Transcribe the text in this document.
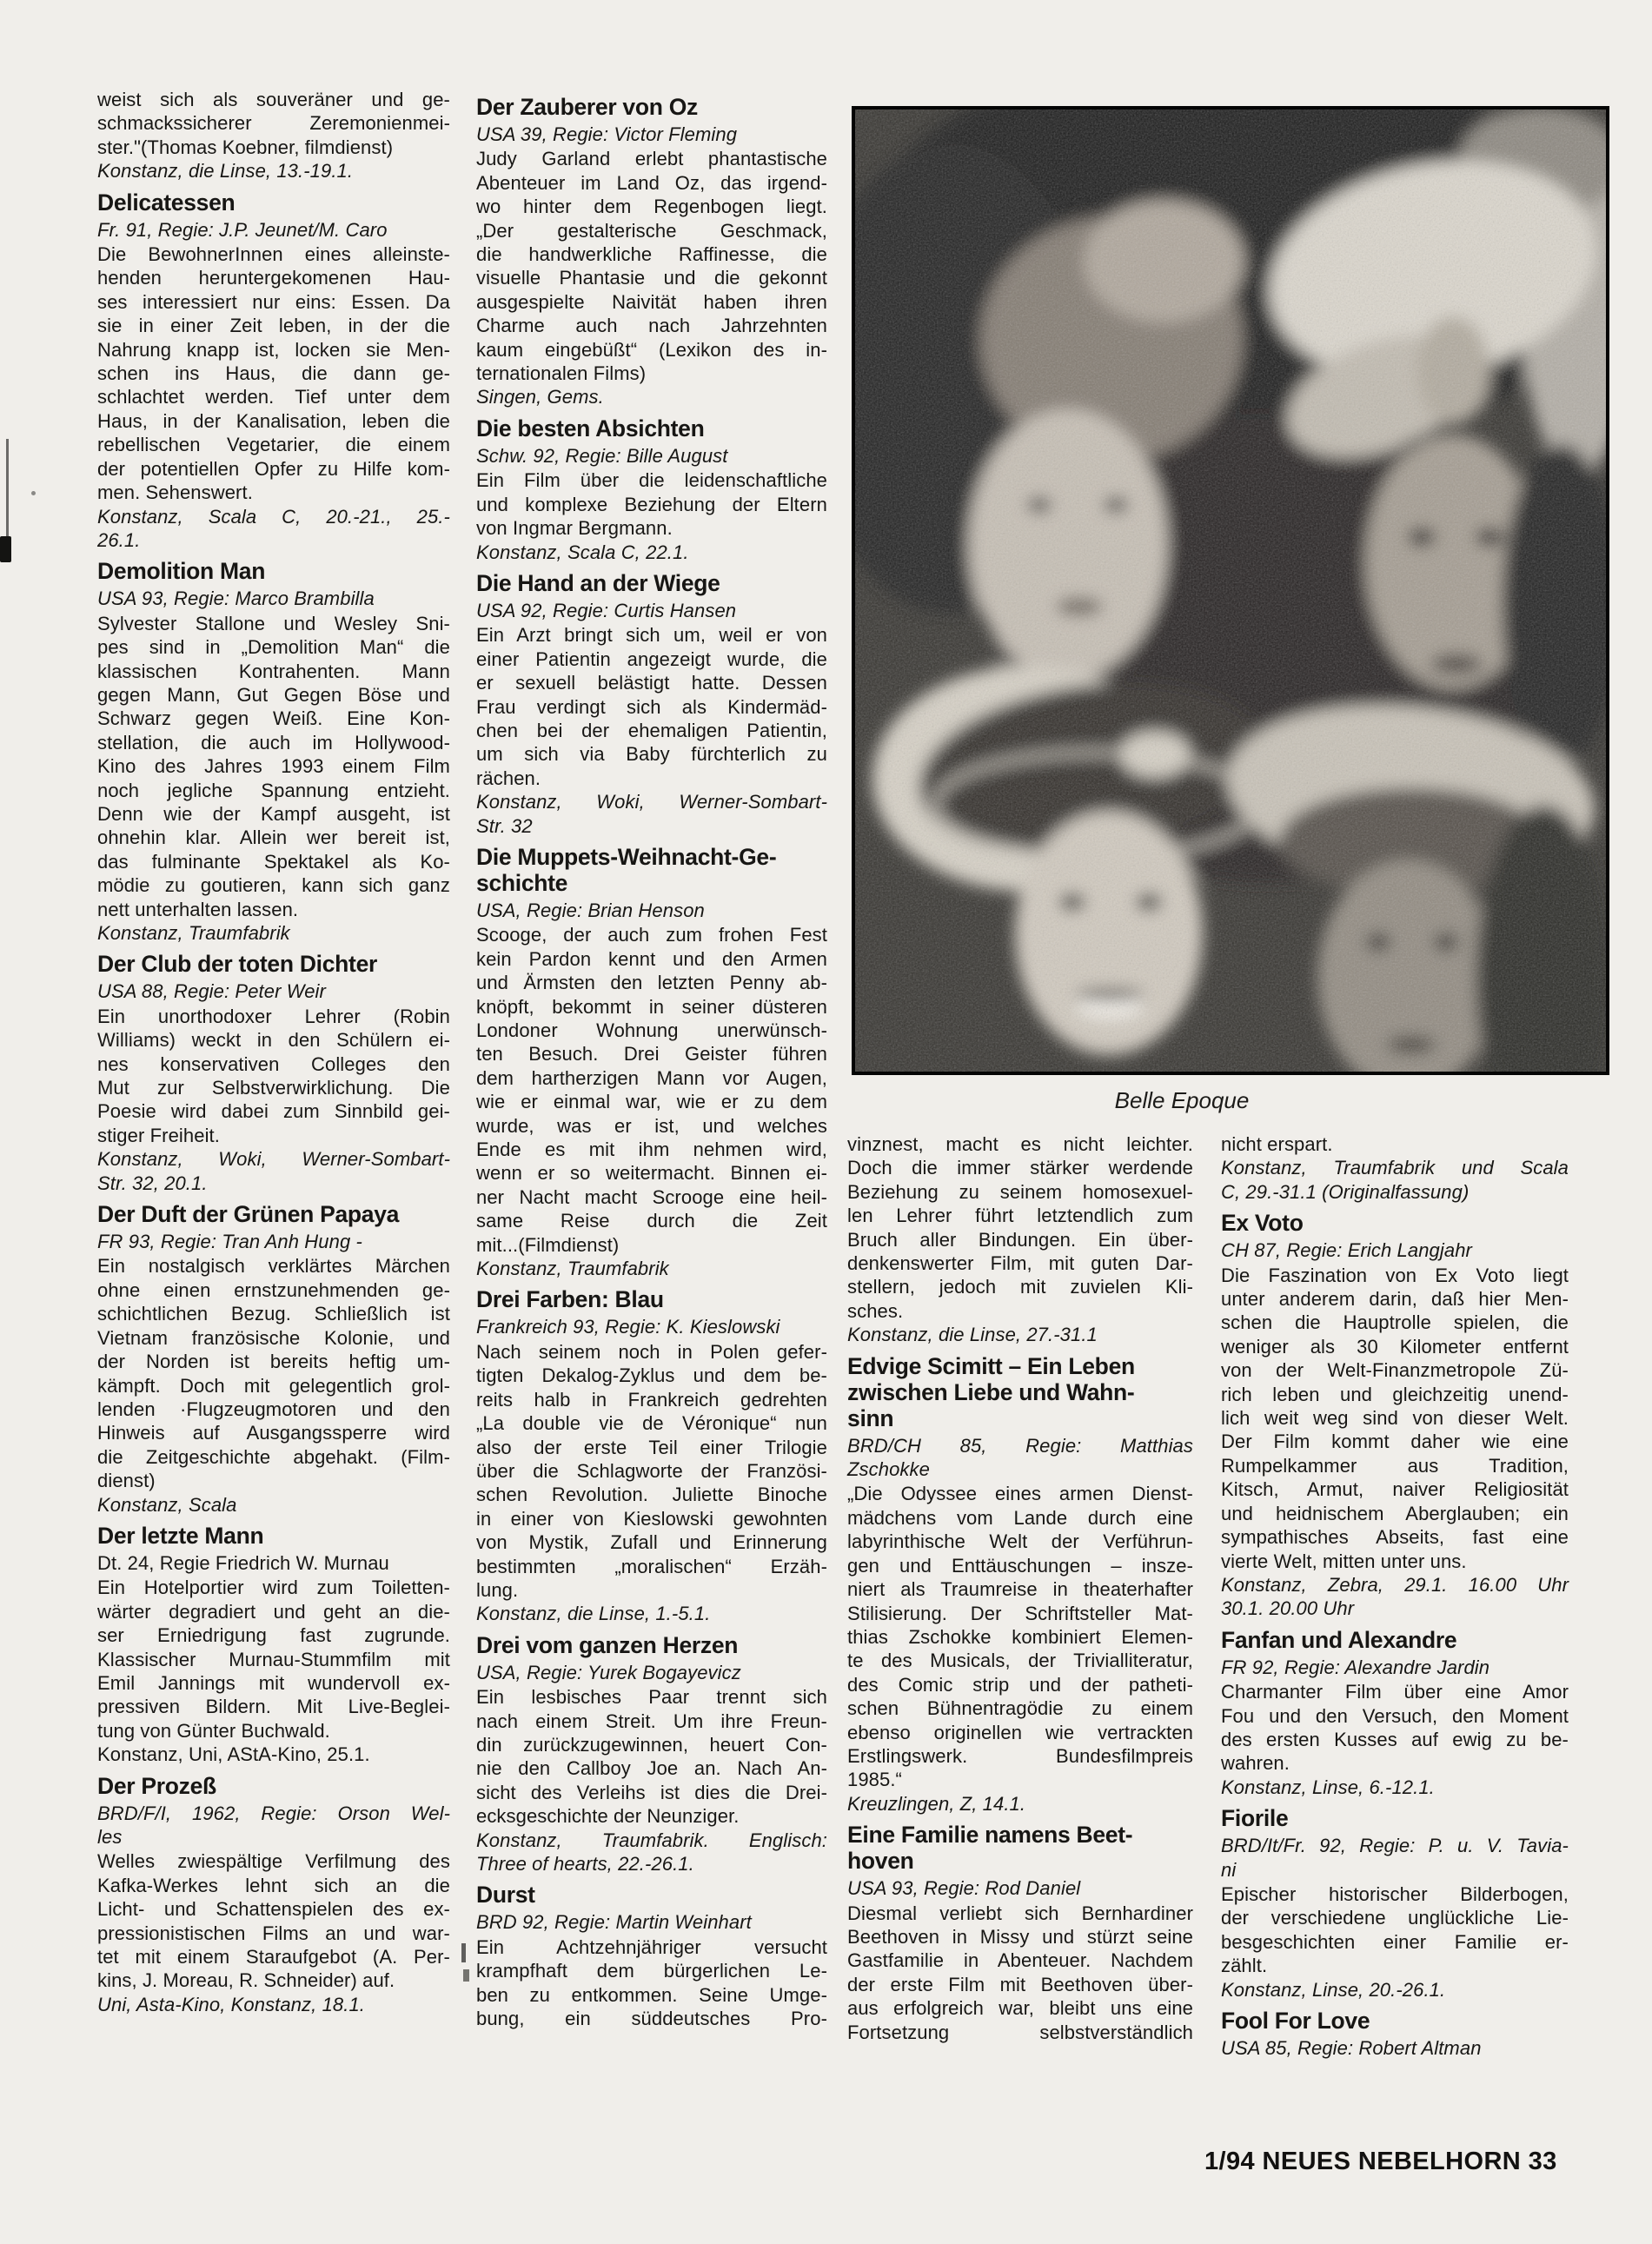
weist sich als souveräner und ge-
schmackssicherer Zeremonienmei-
ster."(Thomas Koebner, filmdienst)
Konstanz, die Linse, 13.-19.1.
Delicatessen
Fr. 91, Regie: J.P. Jeunet/M. Caro
Die BewohnerInnen eines alleinste-
henden heruntergekomenen Hau-
ses interessiert nur eins: Essen. Da
sie in einer Zeit leben, in der die
Nahrung knapp ist, locken sie Men-
schen ins Haus, die dann ge-
schlachtet werden. Tief unter dem
Haus, in der Kanalisation, leben die
rebellischen Vegetarier, die einem
der potentiellen Opfer zu Hilfe kom-
men. Sehenswert.
Konstanz, Scala C, 20.-21., 25.-
26.1.
Demolition Man
USA 93, Regie: Marco Brambilla
Sylvester Stallone und Wesley Sni-
pes sind in „Demolition Man“ die
klassischen Kontrahenten. Mann
gegen Mann, Gut Gegen Böse und
Schwarz gegen Weiß. Eine Kon-
stellation, die auch im Hollywood-
Kino des Jahres 1993 einem Film
noch jegliche Spannung entzieht.
Denn wie der Kampf ausgeht, ist
ohnehin klar. Allein wer bereit ist,
das fulminante Spektakel als Ko-
mödie zu goutieren, kann sich ganz
nett unterhalten lassen.
Konstanz, Traumfabrik
Der Club der toten Dichter
USA 88, Regie: Peter Weir
Ein unorthodoxer Lehrer (Robin
Williams) weckt in den Schülern ei-
nes konservativen Colleges den
Mut zur Selbstverwirklichung. Die
Poesie wird dabei zum Sinnbild gei-
stiger Freiheit.
Konstanz, Woki, Werner-Sombart-
Str. 32, 20.1.
Der Duft der Grünen Papaya
FR 93, Regie: Tran Anh Hung -
Ein nostalgisch verklärtes Märchen
ohne einen ernstzunehmenden ge-
schichtlichen Bezug. Schließlich ist
Vietnam französische Kolonie, und
der Norden ist bereits heftig um-
kämpft. Doch mit gelegentlich grol-
lenden ·Flugzeugmotoren und den
Hinweis auf Ausgangssperre wird
die Zeitgeschichte abgehakt. (Film-
dienst)
Konstanz, Scala
Der letzte Mann
Dt. 24, Regie Friedrich W. Murnau
Ein Hotelportier wird zum Toiletten-
wärter degradiert und geht an die-
ser Erniedrigung fast zugrunde.
Klassischer Murnau-Stummfilm mit
Emil Jannings mit wundervoll ex-
pressiven Bildern. Mit Live-Beglei-
tung von Günter Buchwald.
Konstanz, Uni, AStA-Kino, 25.1.
Der Prozeß
BRD/F/I, 1962, Regie: Orson Wel-
les
Welles zwiespältige Verfilmung des
Kafka-Werkes lehnt sich an die
Licht- und Schattenspielen des ex-
pressionistischen Films an und war-
tet mit einem Staraufgebot (A. Per-
kins, J. Moreau, R. Schneider) auf.
Uni, Asta-Kino, Konstanz, 18.1.
Der Zauberer von Oz
USA 39, Regie: Victor Fleming
Judy Garland erlebt phantastische
Abenteuer im Land Oz, das irgend-
wo hinter dem Regenbogen liegt.
„Der gestalterische Geschmack,
die handwerkliche Raffinesse, die
visuelle Phantasie und die gekonnt
ausgespielte Naivität haben ihren
Charme auch nach Jahrzehnten
kaum eingebüßt“ (Lexikon des in-
ternationalen Films)
Singen, Gems.
Die besten Absichten
Schw. 92, Regie: Bille August
Ein Film über die leidenschaftliche
und komplexe Beziehung der Eltern
von Ingmar Bergmann.
Konstanz, Scala C, 22.1.
Die Hand an der Wiege
USA 92, Regie: Curtis Hansen
Ein Arzt bringt sich um, weil er von
einer Patientin angezeigt wurde, die
er sexuell belästigt hatte. Dessen
Frau verdingt sich als Kindermäd-
chen bei der ehemaligen Patientin,
um sich via Baby fürchterlich zu
rächen.
Konstanz, Woki, Werner-Sombart-
Str. 32
Die Muppets-Weihnacht-Ge-
schichte
USA, Regie: Brian Henson
Scooge, der auch zum frohen Fest
kein Pardon kennt und den Armen
und Ärmsten den letzten Penny ab-
knöpft, bekommt in seiner düsteren
Londoner Wohnung unerwünsch-
ten Besuch. Drei Geister führen
dem hartherzigen Mann vor Augen,
wie er einmal war, wie er zu dem
wurde, was er ist, und welches
Ende es mit ihm nehmen wird,
wenn er so weitermacht. Binnen ei-
ner Nacht macht Scrooge eine heil-
same Reise durch die Zeit
mit...(Filmdienst)
Konstanz, Traumfabrik
Drei Farben: Blau
Frankreich 93, Regie: K. Kieslowski
Nach seinem noch in Polen gefer-
tigten Dekalog-Zyklus und dem be-
reits halb in Frankreich gedrehten
„La double vie de Véronique“ nun
also der erste Teil einer Trilogie
über die Schlagworte der Französi-
schen Revolution. Juliette Binoche
in einer von Kieslowski gewohnten
von Mystik, Zufall und Erinnerung
bestimmten „moralischen“ Erzäh-
lung.
Konstanz, die Linse, 1.-5.1.
Drei vom ganzen Herzen
USA, Regie: Yurek Bogayevicz
Ein lesbisches Paar trennt sich
nach einem Streit. Um ihre Freun-
din zurückzugewinnen, heuert Con-
nie den Callboy Joe an. Nach An-
sicht des Verleihs ist dies die Drei-
ecksgeschichte der Neunziger.
Konstanz, Traumfabrik. Englisch:
Three of hearts, 22.-26.1.
Durst
BRD 92, Regie: Martin Weinhart
Ein Achtzehnjähriger versucht
krampfhaft dem bürgerlichen Le-
ben zu entkommen. Seine Umge-
bung, ein süddeutsches Pro-
vinznest, macht es nicht leichter.
Doch die immer stärker werdende
Beziehung zu seinem homosexuel-
len Lehrer führt letztendlich zum
Bruch aller Bindungen. Ein über-
denkenswerter Film, mit guten Dar-
stellern, jedoch mit zuvielen Kli-
sches.
Konstanz, die Linse, 27.-31.1
Edvige Scimitt – Ein Leben
zwischen Liebe und Wahn-
sinn
BRD/CH 85, Regie: Matthias
Zschokke
„Die Odyssee eines armen Dienst-
mädchens vom Lande durch eine
labyrinthische Welt der Verführun-
gen und Enttäuschungen – insze-
niert als Traumreise in theaterhafter
Stilisierung. Der Schriftsteller Mat-
thias Zschokke kombiniert Elemen-
te des Musicals, der Trivialliteratur,
des Comic strip und der patheti-
schen Bühnentragödie zu einem
ebenso originellen wie vertrackten
Erstlingswerk. Bundesfilmpreis
1985.“
Kreuzlingen, Z, 14.1.
Eine Familie namens Beet-
hoven
USA 93, Regie: Rod Daniel
Diesmal verliebt sich Bernhardiner
Beethoven in Missy und stürzt seine
Gastfamilie in Abenteuer. Nachdem
der erste Film mit Beethoven über-
aus erfolgreich war, bleibt uns eine
Fortsetzung selbstverständlich
nicht erspart.
Konstanz, Traumfabrik und Scala
C, 29.-31.1 (Originalfassung)
Ex Voto
CH 87, Regie: Erich Langjahr
Die Faszination von Ex Voto liegt
unter anderem darin, daß hier Men-
schen die Hauptrolle spielen, die
weniger als 30 Kilometer entfernt
von der Welt-Finanzmetropole Zü-
rich leben und gleichzeitig unend-
lich weit weg sind von dieser Welt.
Der Film kommt daher wie eine
Rumpelkammer aus Tradition,
Kitsch, Armut, naiver Religiosität
und heidnischem Aberglauben; ein
sympathisches Abseits, fast eine
vierte Welt, mitten unter uns.
Konstanz, Zebra, 29.1. 16.00 Uhr
30.1. 20.00 Uhr
Fanfan und Alexandre
FR 92, Regie: Alexandre Jardin
Charmanter Film über eine Amor
Fou und den Versuch, den Moment
des ersten Kusses auf ewig zu be-
wahren.
Konstanz, Linse, 6.-12.1.
Fiorile
BRD/It/Fr. 92, Regie: P. u. V. Tavia-
ni
Epischer historischer Bilderbogen,
der verschiedene unglückliche Lie-
besgeschichten einer Familie er-
zählt.
Konstanz, Linse, 20.-26.1.
Fool For Love
USA 85, Regie: Robert Altman
Belle Epoque
1/94 NEUES NEBELHORN 33
